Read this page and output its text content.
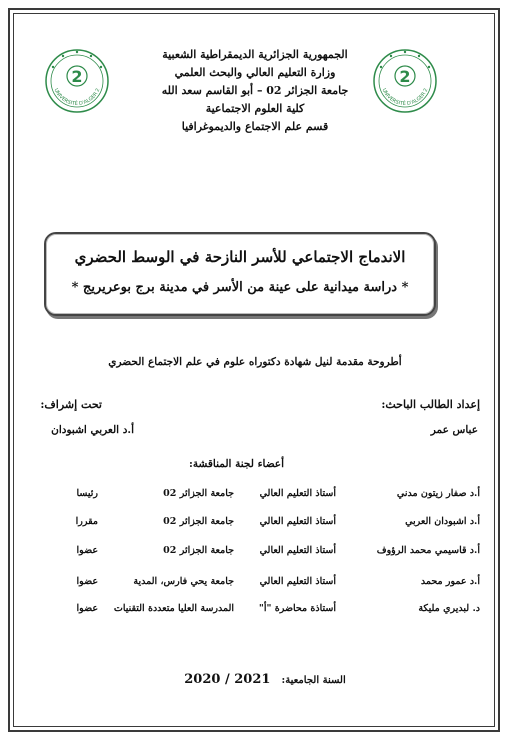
2
UNIVERSITÉ D'ALGER 2
2
UNIVERSITÉ D'ALGER 2
الجمهورية الجزائرية الديمقراطية الشعبية
وزارة التعليم العالي والبحث العلمي
جامعة الجزائر 02 – أبو القاسم سعد الله
كلية العلوم الاجتماعية
قسم علم الاجتماع والديموغرافيا
الاندماج الاجتماعي للأسر النازحة في الوسط الحضري
* دراسة ميدانية على عينة من الأسر في مدينة برج بوعريريج *
أطروحة مقدمة لنيل شهادة دكتوراه علوم في علم الاجتماع الحضري
إعداد الطالب الباحث:
عباس عمر
تحت إشراف:
أ.د العربي اشبودان
أعضاء لجنة المناقشة:
أ.د صفار زيتون مدني
أستاذ التعليم العالي
جامعة الجزائر 02
رئيسا
أ.د اشبودان العربي
أستاذ التعليم العالي
جامعة الجزائر 02
مقررا
أ.د قاسيمي محمد الرؤوف
أستاذ التعليم العالي
جامعة الجزائر 02
عضوا
أ.د عمور محمد
أستاذ التعليم العالي
جامعة يحي فارس، المدية
عضوا
د. لبديري مليكة
أستاذة محاضرة "أ"
المدرسة العليا متعددة التقنيات
عضوا
السنة الجامعية: 2020 / 2021
